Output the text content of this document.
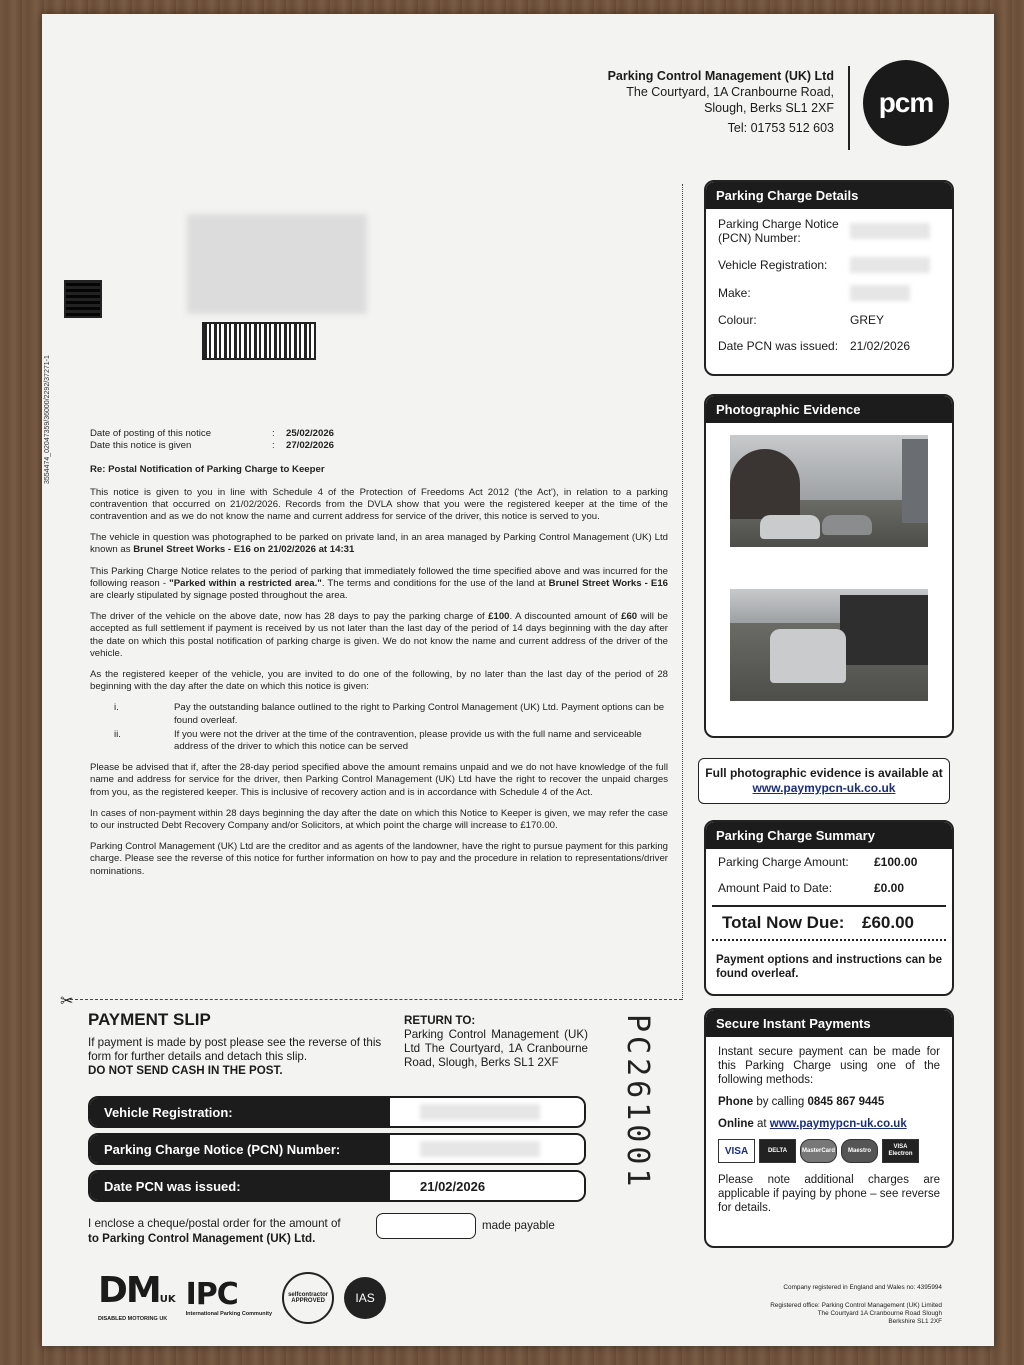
Parking Control Management (UK) Ltd
The Courtyard, 1A Cranbourne Road,
Slough, Berks SL1 2XF
Tel: 01753 512 603
pcm
3554474_02047359/36000/2292/37271-1	Date of posting of this notice	:	25/02/2026
Date this notice is given	:	27/02/2026
Re: Postal Notification of Parking Charge to Keeper

This notice is given to you in line with Schedule 4 of the Protection of Freedoms Act 2012 ('the Act'), in relation to a parking contravention that occurred on 21/02/2026. Records from the DVLA show that you were the registered keeper at the time of the contravention and as we do not know the name and current address for service of the driver, this notice is served to you.

The vehicle in question was photographed to be parked on private land, in an area managed by Parking Control Management (UK) Ltd known as Brunel Street Works - E16 on 21/02/2026 at 14:31

This Parking Charge Notice relates to the period of parking that immediately followed the time specified above and was incurred for the following reason - "Parked within a restricted area.". The terms and conditions for the use of the land at Brunel Street Works - E16 are clearly stipulated by signage posted throughout the area.

The driver of the vehicle on the above date, now has 28 days to pay the parking charge of £100. A discounted amount of £60 will be accepted as full settlement if payment is received by us not later than the last day of the period of 14 days beginning with the day after the date on which this postal notification of parking charge is given. We do not know the name and current address of the driver of the vehicle.

As the registered keeper of the vehicle, you are invited to do one of the following, by no later than the last day of the period of 28 beginning with the day after the date on which this notice is given:

i.	Pay the outstanding balance outlined to the right to Parking Control Management (UK) Ltd. Payment options can be found overleaf.
ii.	If you were not the driver at the time of the contravention, please provide us with the full name and serviceable address of the driver to which this notice can be served

Please be advised that if, after the 28-day period specified above the amount remains unpaid and we do not have knowledge of the full name and address for service for the driver, then Parking Control Management (UK) Ltd have the right to recover the unpaid charges from you, as the registered keeper. This is inclusive of recovery action and is in accordance with Schedule 4 of the Act.

In cases of non-payment within 28 days beginning the day after the date on which this Notice to Keeper is given, we may refer the case to our instructed Debt Recovery Company and/or Solicitors, at which point the charge will increase to £170.00.

Parking Control Management (UK) Ltd are the creditor and as agents of the landowner, have the right to pursue payment for this parking charge. Please see the reverse of this notice for further information on how to pay and the procedure in relation to representations/driver nominations.

Parking Charge Details
Parking Charge Notice (PCN) Number:
Vehicle Registration:
Make:
Colour:	GREY
Date PCN was issued: 21/02/2026
Photographic Evidence
Full photographic evidence is available at www.paymypcn-uk.co.uk
Parking Charge Summary
Parking Charge Amount:	£100.00
Amount Paid to Date:	£0.00
Total Now Due:	£60.00
Payment options and instructions can be found overleaf.
Secure Instant Payments

Instant secure payment can be made for this Parking Charge using one of the following methods:

Phone by calling 0845 867 9445

Online at www.paymypcn-uk.co.uk

VISA	DELTA	MasterCard	Maestro
VISA Electron

Please note additional charges are applicable if paying by phone – see reverse for details.

✂
PAYMENT SLIP
If payment is made by post please see the reverse of this form for further details and detach this slip.
DO NOT SEND CASH IN THE POST.
RETURN TO:
Parking Control Management (UK) Ltd The Courtyard, 1A Cranbourne Road, Slough, Berks SL1 2XF	PC261001
Vehicle Registration:
Parking Charge Notice (PCN) Number:
Date PCN was issued:	21/02/2026
I enclose a cheque/postal order for the amount of
to Parking Control Management (UK) Ltd.
made payable
DMUK
DISABLED MOTORING UK
IPC
International Parking Community
selfcontractor APPROVED	IAS
Company registered in England and Wales no: 4395994
Registered office: Parking Control Management (UK) Limited
The Courtyard 1A Cranbourne Road Slough
Berkshire SL1 2XF
